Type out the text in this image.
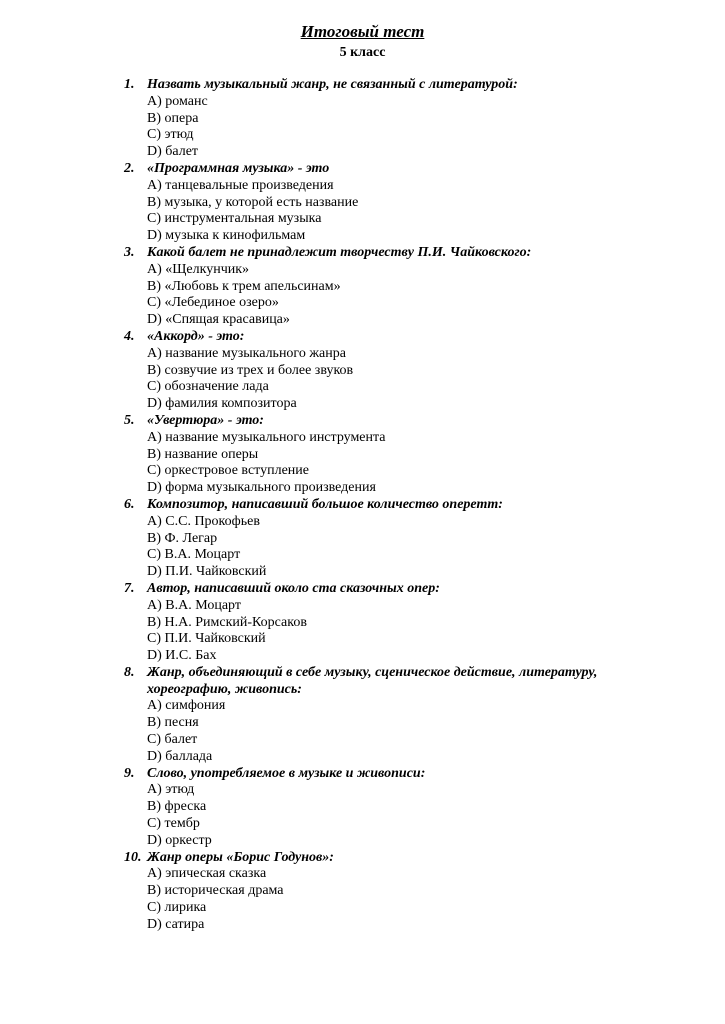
Итоговый тест
5 класс
1. Назвать музыкальный жанр, не связанный с литературой:
А) романс
В) опера
С) этюд
D) балет
2. «Программная музыка» - это
А) танцевальные произведения
В) музыка, у которой есть название
С) инструментальная музыка
D) музыка к кинофильмам
3. Какой балет не принадлежит творчеству П.И. Чайковского:
А) «Щелкунчик»
В) «Любовь к трем апельсинам»
С) «Лебединое озеро»
D) «Спящая красавица»
4. «Аккорд» - это:
А) название музыкального жанра
В) созвучие из трех и более звуков
С) обозначение лада
D) фамилия композитора
5. «Увертюра» - это:
А) название музыкального инструмента
В) название оперы
С) оркестровое вступление
D) форма музыкального произведения
6. Композитор, написавший большое количество оперетт:
А) С.С. Прокофьев
В) Ф. Легар
С) В.А. Моцарт
D) П.И. Чайковский
7. Автор, написавший около ста сказочных опер:
А) В.А. Моцарт
В) Н.А. Римский-Корсаков
С) П.И. Чайковский
D) И.С. Бах
8. Жанр, объединяющий в себе музыку, сценическое действие, литературу, хореографию, живопись:
А) симфония
В) песня
С) балет
D) баллада
9. Слово, употребляемое в музыке и живописи:
А) этюд
В) фреска
С) тембр
D) оркестр
10. Жанр оперы «Борис Годунов»:
А) эпическая сказка
В) историческая драма
С) лирика
D) сатира
